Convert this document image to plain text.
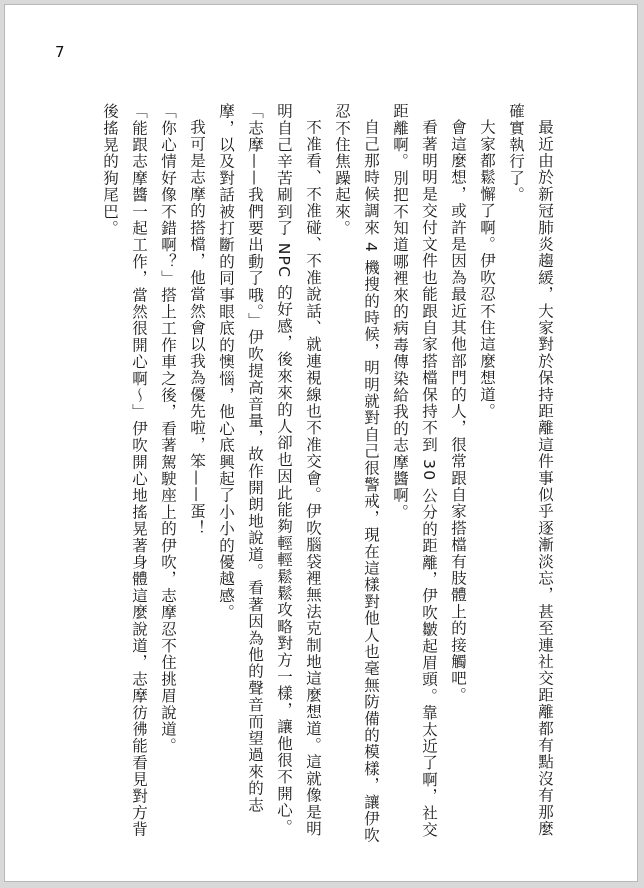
7

最近由於新冠肺炎趨緩，大家對於保持距離這件事似乎逐漸淡忘，甚至連社交距離都有點沒有那麼確實執行了。

大家都鬆懈了啊。伊吹忍不住這麼想道。

會這麼想，或許是因為最近其他部門的人，很常跟自家搭檔有肢體上的接觸吧。

看著明明是交付文件也能跟自家搭檔保持不到 30 公分的距離，伊吹皺起眉頭。靠太近了啊，社交距離啊。別把不知道哪裡來的病毒傳染給我的志摩醬啊。

自己那時候調來 4 機搜的時候，明明就對自己很警戒，現在這樣對他人也毫無防備的模樣，讓伊吹忍不住焦躁起來。

不准看、不准碰、不准說話、就連視線也不准交會。伊吹腦袋裡無法克制地這麼想道。這就像是明明自己辛苦刷到了 NPC 的好感，後來來的人卻也因此能夠輕輕鬆鬆攻略對方一樣，讓他很不開心。

「志摩——我們要出動了哦。」伊吹提高音量，故作開朗地說道。看著因為他的聲音而望過來的志摩，以及對話被打斷的同事眼底的懊惱，他心底興起了小小的優越感。

我可是志摩的搭檔，他當然會以我為優先啦，笨——蛋！

「你心情好像不錯啊？」搭上工作車之後，看著駕駛座上的伊吹，志摩忍不住挑眉說道。

「能跟志摩醬一起工作，當然很開心啊～」伊吹開心地搖晃著身體這麼說道，志摩彷彿能看見對方背後搖晃的狗尾巴。
